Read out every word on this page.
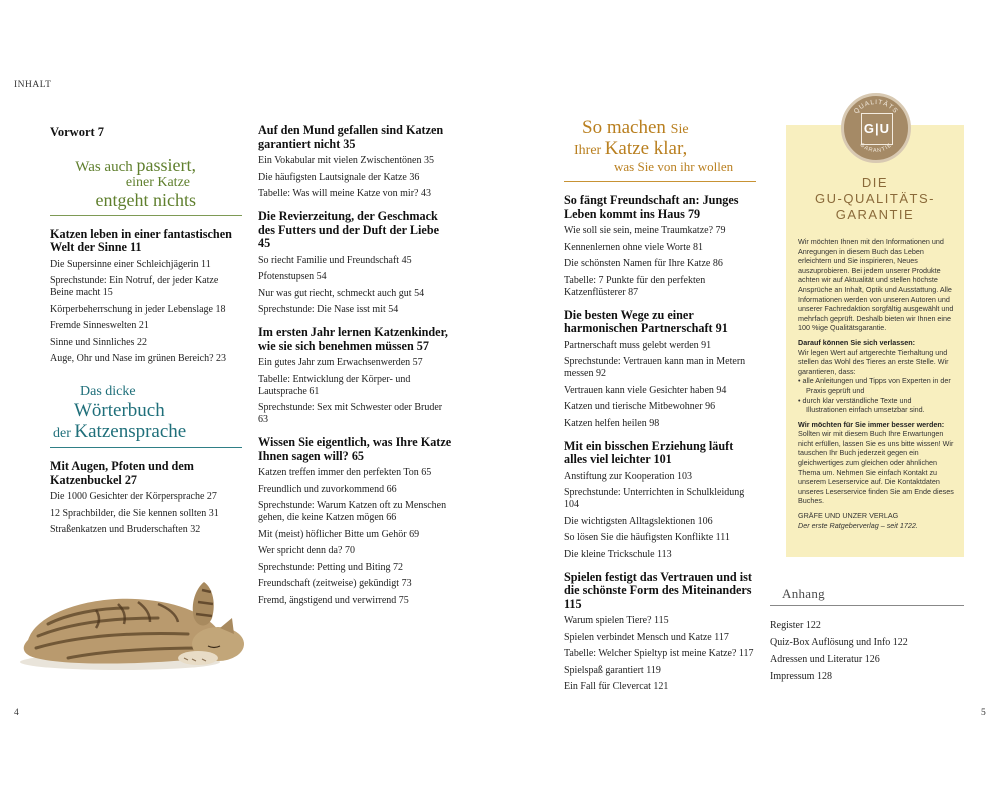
INHALT
4	5
Vorwort 7
Was auch passiert,
einer Katze
entgeht nichts
Katzen leben in einer fantastischen Welt der Sinne 11
Die Supersinne einer Schleichjägerin 11
Sprechstunde: Ein Notruf, der jeder Katze Beine macht 15
Körperbeherrschung in jeder Lebenslage 18
Fremde Sinneswelten 21
Sinne und Sinnliches 22
Auge, Ohr und Nase im grünen Bereich? 23
Das dicke
Wörterbuch
der Katzensprache
Mit Augen, Pfoten und dem Katzenbuckel 27
Die 1000 Gesichter der Körpersprache 27
12 Sprachbilder, die Sie kennen sollten 31
Straßenkatzen und Bruderschaften 32
Auf den Mund gefallen sind Katzen garantiert nicht 35
Ein Vokabular mit vielen Zwischentönen 35
Die häufigsten Lautsignale der Katze 36
Tabelle: Was will meine Katze von mir? 43
Die Revierzeitung, der Geschmack des Futters und der Duft der Liebe 45
So riecht Familie und Freundschaft 45
Pfotenstupsen 54
Nur was gut riecht, schmeckt auch gut 54
Sprechstunde: Die Nase isst mit 54
Im ersten Jahr lernen Katzenkinder, wie sie sich benehmen müssen 57
Ein gutes Jahr zum Erwachsenwerden 57
Tabelle: Entwicklung der Körper- und Lautsprache 61
Sprechstunde: Sex mit Schwester oder Bruder 63
Wissen Sie eigentlich, was Ihre Katze Ihnen sagen will? 65
Katzen treffen immer den perfekten Ton 65
Freundlich und zuvorkommend 66
Sprechstunde: Warum Katzen oft zu Menschen gehen, die keine Katzen mögen 66
Mit (meist) höflicher Bitte um Gehör 69
Wer spricht denn da? 70
Sprechstunde: Petting und Biting 72
Freundschaft (zeitweise) gekündigt 73
Fremd, ängstigend und verwirrend 75
So machen Sie
Ihrer Katze klar,
was Sie von ihr wollen
So fängt Freundschaft an: Junges Leben kommt ins Haus 79
Wie soll sie sein, meine Traumkatze? 79
Kennenlernen ohne viele Worte 81
Die schönsten Namen für Ihre Katze 86
Tabelle: 7 Punkte für den perfekten Katzenflüsterer 87
Die besten Wege zu einer harmonischen Partnerschaft 91
Partnerschaft muss gelebt werden 91
Sprechstunde: Vertrauen kann man in Metern messen 92
Vertrauen kann viele Gesichter haben 94
Katzen und tierische Mitbewohner 96
Katzen helfen heilen 98
Mit ein bisschen Erziehung läuft alles viel leichter 101
Anstiftung zur Kooperation 103
Sprechstunde: Unterrichten in Schulkleidung 104
Die wichtigsten Alltagslektionen 106
So lösen Sie die häufigsten Konflikte 111
Die kleine Trickschule 113
Spielen festigt das Vertrauen und ist die schönste Form des Miteinanders 115
Warum spielen Tiere? 115
Spielen verbindet Mensch und Katze 117
Tabelle: Welcher Spieltyp ist meine Katze? 117
Spielspaß garantiert 119
Ein Fall für Clevercat 121
DIE
GU-QUALITÄTS-
GARANTIE
Wir möchten Ihnen mit den Informationen und Anregungen in diesem Buch das Leben erleichtern und Sie inspirieren, Neues auszuprobieren. Bei jedem unserer Produkte achten wir auf Aktualität und stellen höchste Ansprüche an Inhalt, Optik und Ausstattung. Alle Informationen werden von unseren Autoren und unserer Fachredaktion sorgfältig ausgewählt und mehrfach geprüft. Deshalb bieten wir Ihnen eine 100 %ige Qualitätsgarantie.
Darauf können Sie sich verlassen:
Wir legen Wert auf artgerechte Tierhaltung und stellen das Wohl des Tieres an erste Stelle. Wir garantieren, dass:
• alle Anleitungen und Tipps von Experten in der Praxis geprüft und
• durch klar verständliche Texte und Illustrationen einfach umsetzbar sind.
Wir möchten für Sie immer besser werden:
Sollten wir mit diesem Buch Ihre Erwartungen nicht erfüllen, lassen Sie es uns bitte wissen! Wir tauschen Ihr Buch jederzeit gegen ein gleichwertiges zum gleichen oder ähnlichen Thema um. Nehmen Sie einfach Kontakt zu unserem Leserservice auf. Die Kontaktdaten unseres Leserservice finden Sie am Ende dieses Buches.
GRÄFE UND UNZER VERLAG
Der erste Ratgeberverlag – seit 1722.
QUALITÄTS
GARANTIE
G|U
Anhang
Register 122
Quiz-Box Auflösung und Info 122
Adressen und Literatur 126
Impressum 128
